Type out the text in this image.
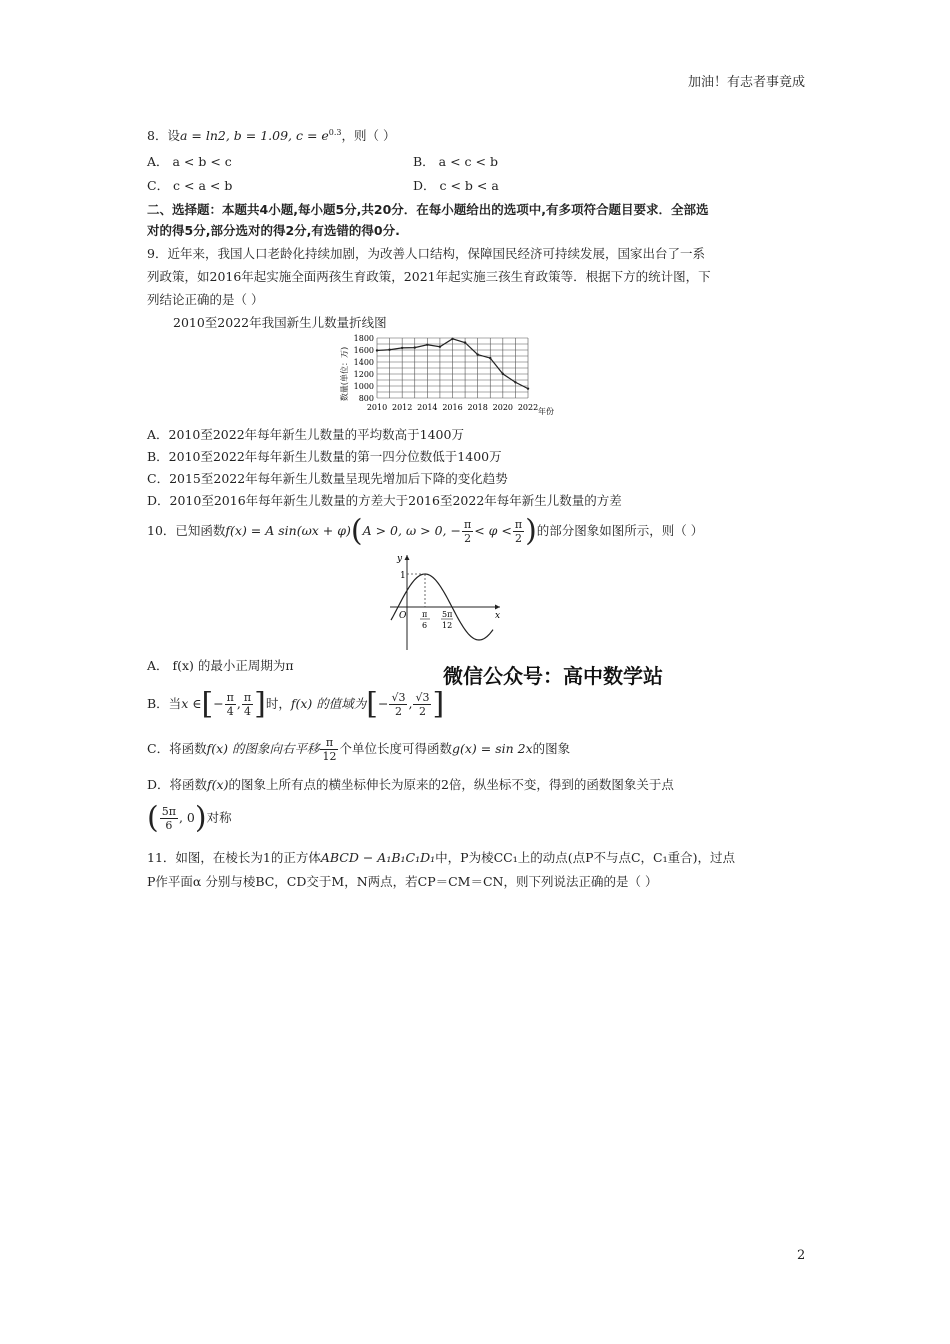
加油！有志者事竟成
8．设a = ln2, b = 1.09, $c = e^{0.3}$，则（ ）
A． a < b < c	B． a < c < b
C． c < a < b	D． c < b < a
二、选择题：本题共4小题,每小题5分,共20分．在每小题给出的选项中,有多项符合题目要求．全部选
对的得5分,部分选对的得2分,有选错的得0分.
9．近年来，我国人口老龄化持续加剧，为改善人口结构，保障国民经济可持续发展，国家出台了一系
列政策，如2016年起实施全面两孩生育政策，2021年起实施三孩生育政策等．根据下方的统计图，下
列结论正确的是（ ）
2010至2022年我国新生儿数量折线图
800
1000
1200
1400
1600
1800
2010 2012 2014 2016 2018 2020 2022
数量(单位：万)
年份
A．2010至2022年每年新生儿数量的平均数高于1400万
B．2010至2022年每年新生儿数量的第一四分位数低于1400万
C．2015至2022年每年新生儿数量呈现先增加后下降的变化趋势
D．2010至2016年每年新生儿数量的方差大于2016至2022年每年新生儿数量的方差
10．已知函数f(x) = A sin(ωx + φ)(A > 0, ω > 0, − $\frac{\pi}{2} < \varphi < \frac{\pi}{2}$ )的部分图象如图所示，则（ ）
y
x
O
1
π
6
5π
12
A． f(x) 的最小正周期为π	微信公众号：高中数学站
B．当x ∈[− $\frac{\pi}{4}$ , $\frac{\pi}{4}$ ]时，f(x) 的值域为[− $\frac{√3}{2}$ , $\frac{√3}{2}$ ]
C．将函数f(x) 的图象向右平移 $\frac{\pi}{12}$ 个单位长度可得函数g(x) = sin 2x的图象
D．将函数f(x)的图象上所有点的横坐标伸长为原来的2倍，纵坐标不变，得到的函数图象关于点
( $\frac{5\pi}{6}$ , 0)对称
11．如图，在棱长为1的正方体ABCD − A₁B₁C₁D₁中，P为棱CC₁上的动点(点P不与点C，C₁重合)，过点
P作平面α 分别与棱BC，CD交于M，N两点，若CP＝CM＝CN，则下列说法正确的是（ ）
2
